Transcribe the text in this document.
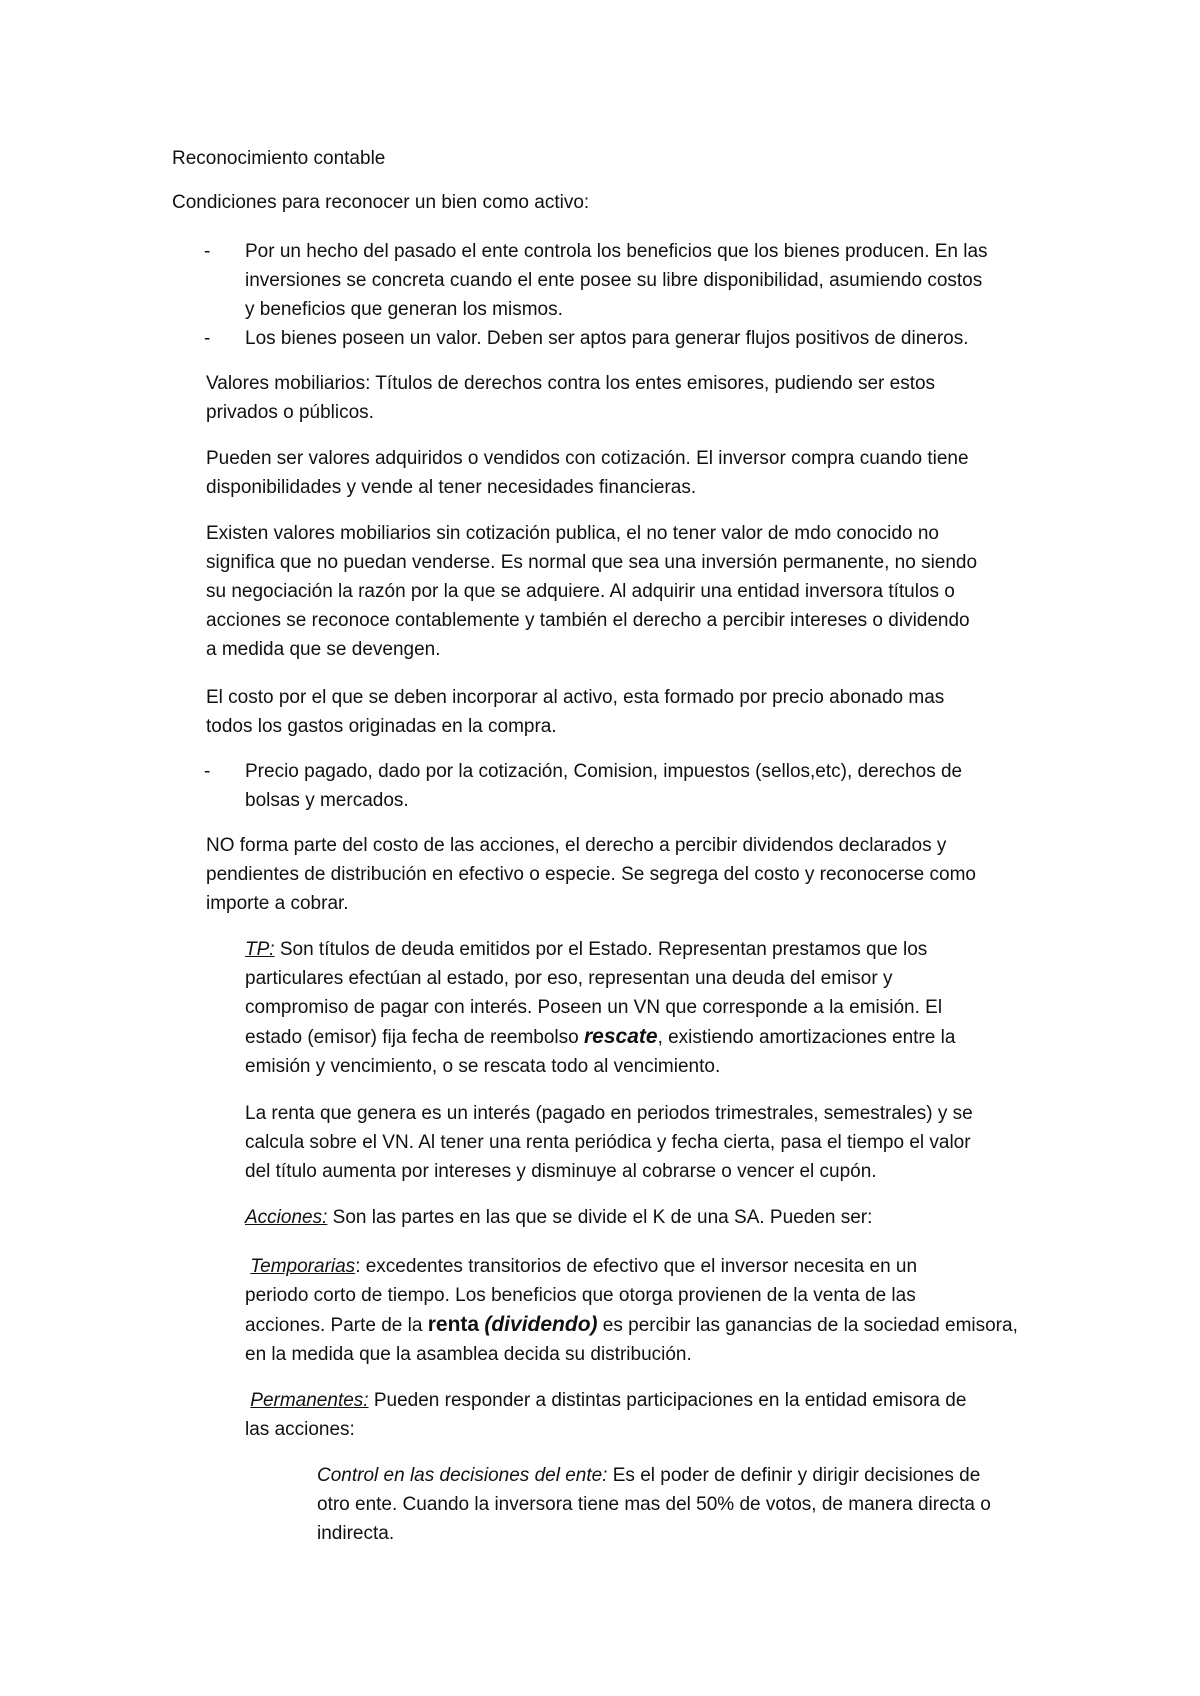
Reconocimiento contable
Condiciones para reconocer un bien como activo:
- Por un hecho del pasado el ente controla los beneficios que los bienes producen. En las
inversiones se concreta cuando el ente posee su libre disponibilidad, asumiendo costos
y beneficios que generan los mismos.
- Los bienes poseen un valor. Deben ser aptos para generar flujos positivos de dineros.
Valores mobiliarios: Títulos de derechos contra los entes emisores, pudiendo ser estos
privados o públicos.
Pueden ser valores adquiridos o vendidos con cotización. El inversor compra cuando tiene
disponibilidades y vende al tener necesidades financieras.
Existen valores mobiliarios sin cotización publica, el no tener valor de mdo conocido no
significa que no puedan venderse. Es normal que sea una inversión permanente, no siendo
su negociación la razón por la que se adquiere. Al adquirir una entidad inversora títulos o
acciones se reconoce contablemente y también el derecho a percibir intereses o dividendo
a medida que se devengen.
El costo por el que se deben incorporar al activo, esta formado por precio abonado mas
todos los gastos originadas en la compra.
- Precio pagado, dado por la cotización, Comision, impuestos (sellos,etc), derechos de
bolsas y mercados.
NO forma parte del costo de las acciones, el derecho a percibir dividendos declarados y
pendientes de distribución en efectivo o especie. Se segrega del costo y reconocerse como
importe a cobrar.
TP: Son títulos de deuda emitidos por el Estado. Representan prestamos que los
particulares efectúan al estado, por eso, representan una deuda del emisor y
compromiso de pagar con interés. Poseen un VN que corresponde a la emisión. El
estado (emisor) fija fecha de reembolso rescate, existiendo amortizaciones entre la
emisión y vencimiento, o se rescata todo al vencimiento.
La renta que genera es un interés (pagado en periodos trimestrales, semestrales) y se
calcula sobre el VN. Al tener una renta periódica y fecha cierta, pasa el tiempo el valor
del título aumenta por intereses y disminuye al cobrarse o vencer el cupón.
Acciones: Son las partes en las que se divide el K de una SA. Pueden ser:
Temporarias: excedentes transitorios de efectivo que el inversor necesita en un
periodo corto de tiempo. Los beneficios que otorga provienen de la venta de las
acciones. Parte de la renta (dividendo) es percibir las ganancias de la sociedad emisora,
en la medida que la asamblea decida su distribución.
Permanentes: Pueden responder a distintas participaciones en la entidad emisora de
las acciones:
Control en las decisiones del ente: Es el poder de definir y dirigir decisiones de
otro ente. Cuando la inversora tiene mas del 50% de votos, de manera directa o
indirecta.
